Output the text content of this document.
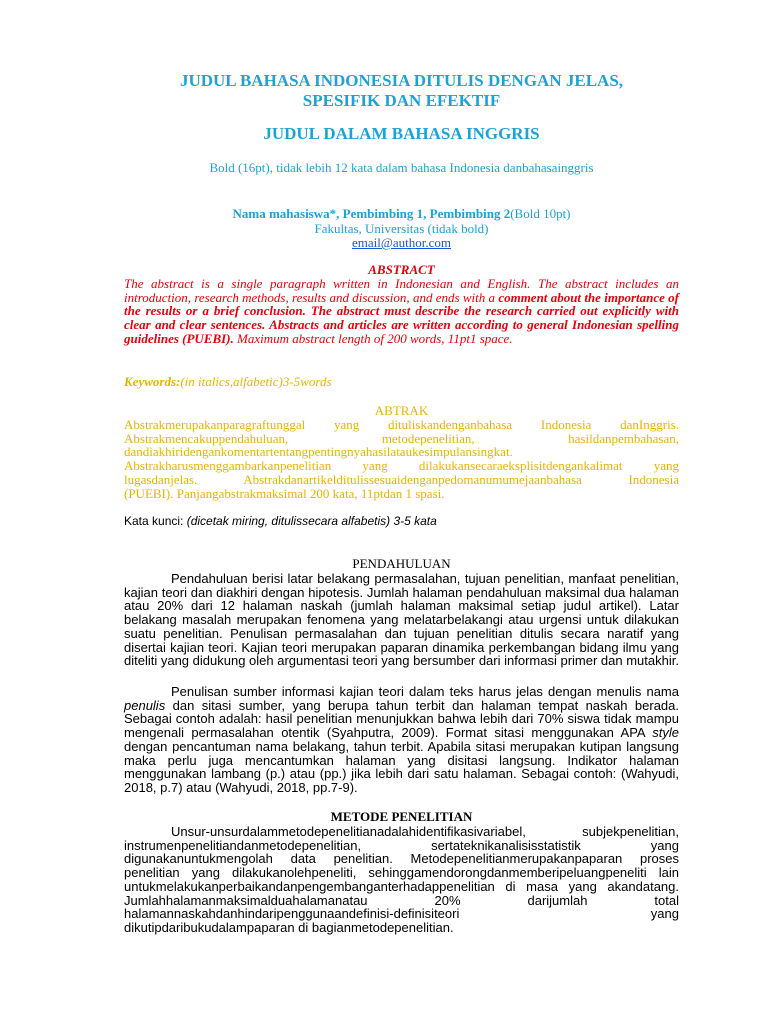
JUDUL BAHASA INDONESIA DITULIS DENGAN JELAS,

SPESIFIK DAN EFEKTIF

JUDUL DALAM BAHASA INGGRIS

Bold (16pt), tidak lebih 12 kata dalam bahasa Indonesia danbahasainggris
Nama mahasiswa*, Pembimbing 1, Pembimbing 2(Bold 10pt)
Fakultas, Universitas (tidak bold)
email@author.com
ABSTRACT
The abstract is a single paragraph written in Indonesian and English. The abstract includes an introduction, research methods, results and discussion, and ends with a comment about the importance of the results or a brief conclusion. The abstract must describe the research carried out explicitly with clear and clear sentences. Abstracts and articles are written according to general Indonesian spelling guidelines (PUEBI). Maximum abstract length of 200 words, 11pt1 space.
Keywords:(in italics,alfabetic)3-5words
ABTRAK
Abstrakmerupakanparagraftunggal yang dituliskandenganbahasa Indonesia danInggris.
Abstrakmencakuppendahuluan, metodepenelitian, hasildanpembahasan,
dandiakhiridengankomentartentangpentingnyahasilataukesimpulansingkat.
Abstrakharusmenggambarkanpenelitian yang dilakukansecaraeksplisitdengankalimat yang
lugasdanjelas. Abstrakdanartikelditulissesuaidenganpedomanumumejaanbahasa Indonesia
(PUEBI). Panjangabstrakmaksimal 200 kata, 11ptdan 1 spasi.
Kata kunci: (dicetak miring, ditulissecara alfabetis) 3-5 kata
PENDAHULUAN
Pendahuluan berisi latar belakang permasalahan, tujuan penelitian, manfaat penelitian, kajian teori dan diakhiri dengan hipotesis. Jumlah halaman pendahuluan maksimal dua halaman atau 20% dari 12 halaman naskah (jumlah halaman maksimal setiap judul artikel). Latar belakang masalah merupakan fenomena yang melatarbelakangi atau urgensi untuk dilakukan suatu penelitian. Penulisan permasalahan dan tujuan penelitian ditulis secara naratif yang disertai kajian teori. Kajian teori merupakan paparan dinamika perkembangan bidang ilmu yang diteliti yang didukung oleh argumentasi teori yang bersumber dari informasi primer dan mutakhir.
Penulisan sumber informasi kajian teori dalam teks harus jelas dengan menulis nama penulis dan sitasi sumber, yang berupa tahun terbit dan halaman tempat naskah berada. Sebagai contoh adalah: hasil penelitian menunjukkan bahwa lebih dari 70% siswa tidak mampu mengenali permasalahan otentik (Syahputra, 2009). Format sitasi menggunakan APA style dengan pencantuman nama belakang, tahun terbit. Apabila sitasi merupakan kutipan langsung maka perlu juga mencantumkan halaman yang disitasi langsung. Indikator halaman menggunakan lambang (p.) atau (pp.) jika lebih dari satu halaman. Sebagai contoh: (Wahyudi, 2018, p.7) atau (Wahyudi, 2018, pp.7-9).
METODE PENELITIAN
Unsur-unsurdalammetodepenelitianadalahidentifikasivariabel, subjekpenelitian,
instrumenpenelitiandanmetodepenelitian, sertateknikanalisisstatistik yang
digunakanuntukmengolah data penelitian. Metodepenelitianmerupakanpaparan proses
penelitian yang dilakukanolehpeneliti, sehinggamendorongdanmemberipeluangpeneliti lain
untukmelakukanperbaikandanpengembanganterhadappenelitian di masa yang akandatang.
Jumlahhalamanmaksimalduahalamanatau 20% darijumlah total
halamannaskahdanhindaripenggunaandefinisi-definisiteori yang
dikutipdaribukudalampaparan di bagianmetodepenelitian.
